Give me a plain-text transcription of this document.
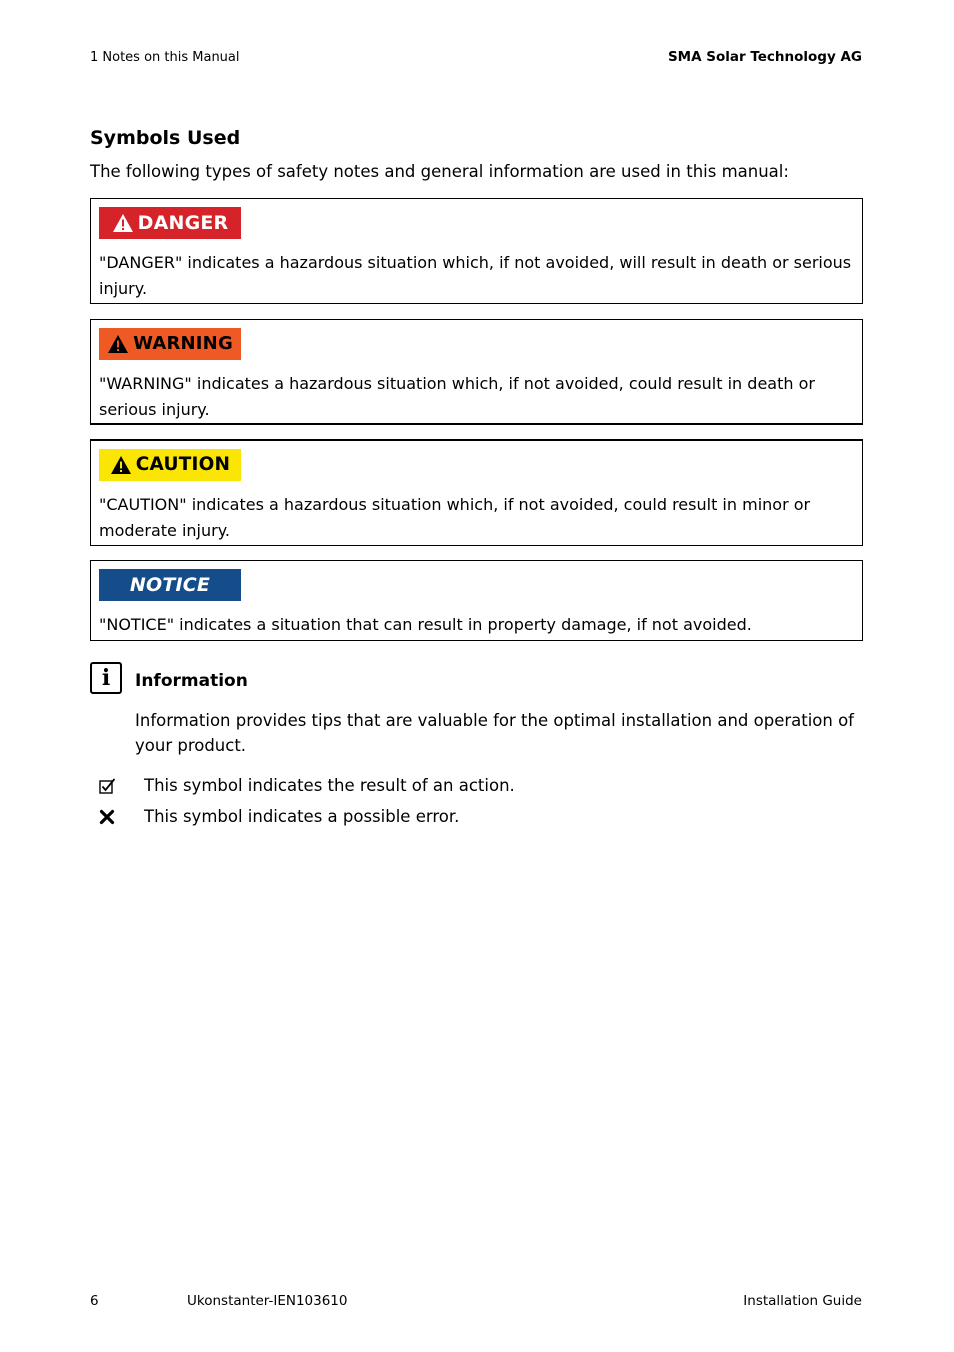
1 Notes on this Manual	SMA Solar Technology AG
Symbols Used
The following types of safety notes and general information are used in this manual:
DANGER
"DANGER" indicates a hazardous situation which, if not avoided, will result in death or serious injury.
WARNING
"WARNING" indicates a hazardous situation which, if not avoided, could result in death or serious injury.
CAUTION
"CAUTION" indicates a hazardous situation which, if not avoided, could result in minor or moderate injury.
NOTICE
"NOTICE" indicates a situation that can result in property damage, if not avoided.
i	Information
Information provides tips that are valuable for the optimal installation and operation of your product.
This symbol indicates the result of an action.
This symbol indicates a possible error.
6	Ukonstanter-IEN103610	Installation Guide
